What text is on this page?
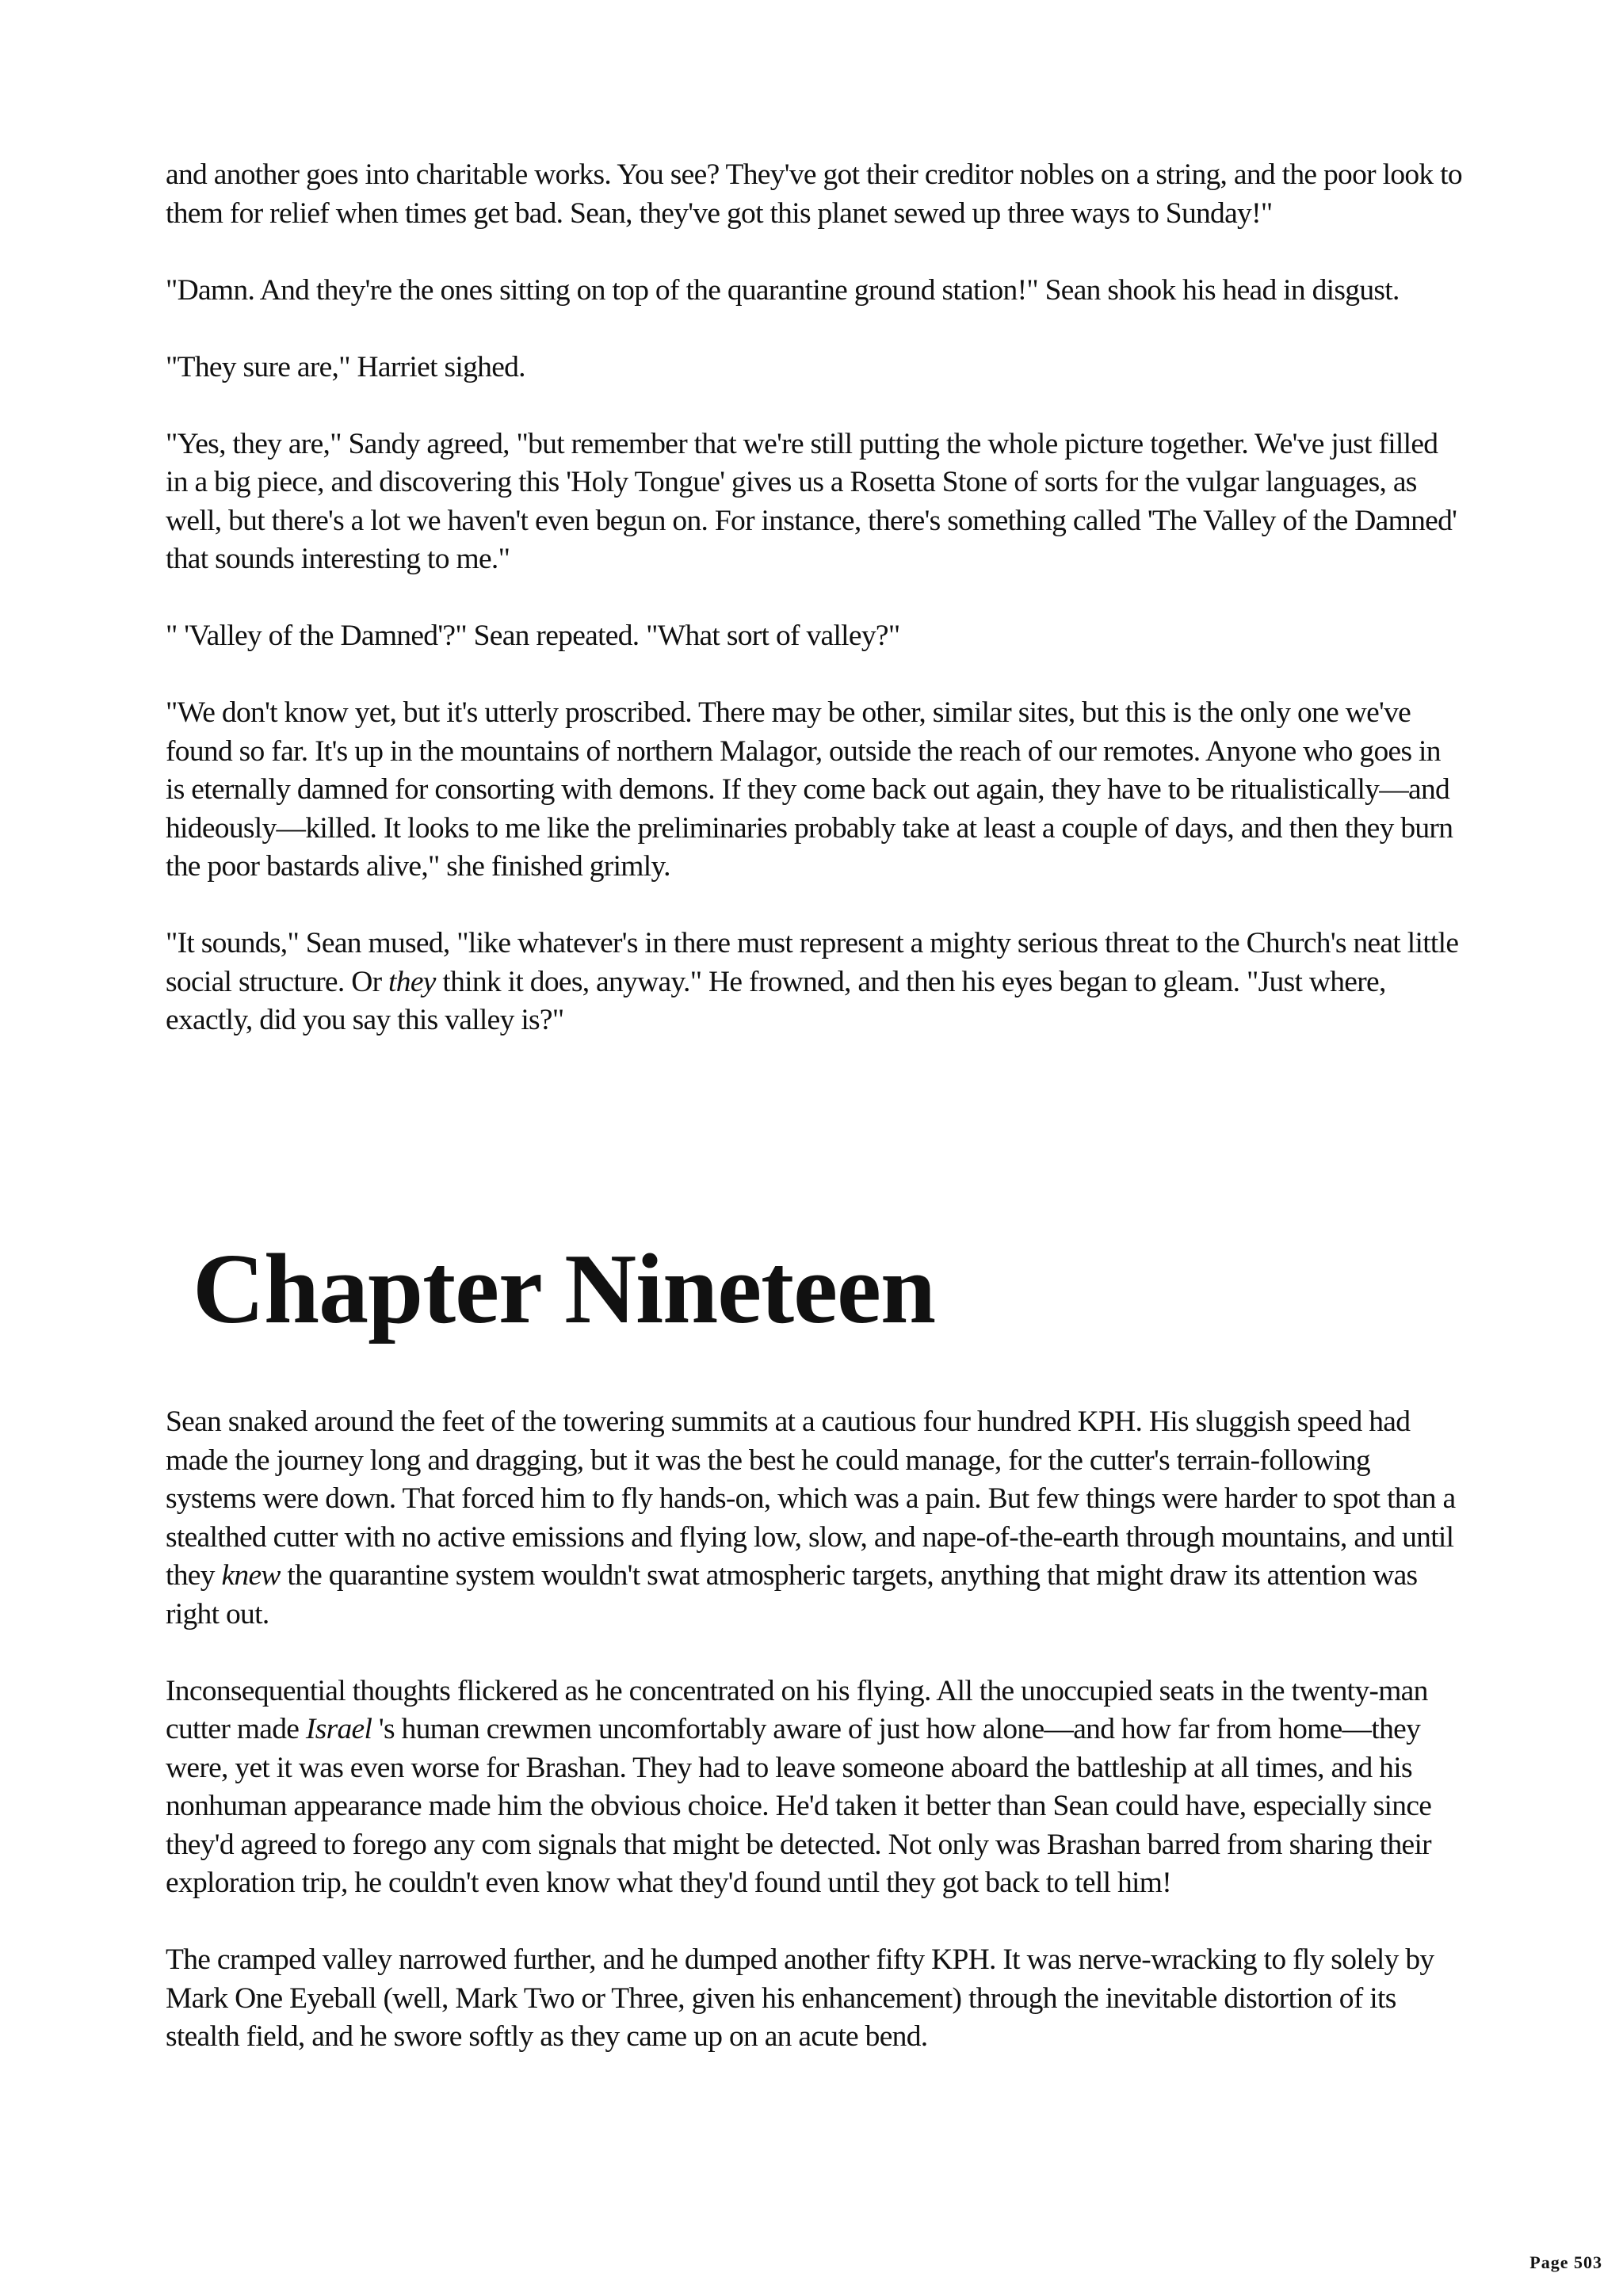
and another goes into charitable works. You see? They've got their creditor nobles on a string, and the poor look to them for relief when times get bad. Sean, they've got this planet sewed up three ways to Sunday!"

"Damn. And they're the ones sitting on top of the quarantine ground station!" Sean shook his head in disgust.

"They sure are," Harriet sighed.

"Yes, they are," Sandy agreed, "but remember that we're still putting the whole picture together. We've just filled in a big piece, and discovering this 'Holy Tongue' gives us a Rosetta Stone of sorts for the vulgar languages, as well, but there's a lot we haven't even begun on. For instance, there's something called 'The Valley of the Damned' that sounds interesting to me."

" 'Valley of the Damned'?" Sean repeated. "What sort of valley?"

"We don't know yet, but it's utterly proscribed. There may be other, similar sites, but this is the only one we've found so far. It's up in the mountains of northern Malagor, outside the reach of our remotes. Anyone who goes in is eternally damned for consorting with demons. If they come back out again, they have to be ritualistically—and hideously—killed. It looks to me like the preliminaries probably take at least a couple of days, and then they burn the poor bastards alive," she finished grimly.

"It sounds," Sean mused, "like whatever's in there must represent a mighty serious threat to the Church's neat little social structure. Or they think it does, anyway." He frowned, and then his eyes began to gleam. "Just where, exactly, did you say this valley is?"

Chapter Nineteen

Sean snaked around the feet of the towering summits at a cautious four hundred KPH. His sluggish speed had made the journey long and dragging, but it was the best he could manage, for the cutter's terrain-following systems were down. That forced him to fly hands-on, which was a pain. But few things were harder to spot than a stealthed cutter with no active emissions and flying low, slow, and nape-of-the-earth through mountains, and until they knew the quarantine system wouldn't swat atmospheric targets, anything that might draw its attention was right out.

Inconsequential thoughts flickered as he concentrated on his flying. All the unoccupied seats in the twenty-man cutter made Israel 's human crewmen uncomfortably aware of just how alone—and how far from home—they were, yet it was even worse for Brashan. They had to leave someone aboard the battleship at all times, and his nonhuman appearance made him the obvious choice. He'd taken it better than Sean could have, especially since they'd agreed to forego any com signals that might be detected. Not only was Brashan barred from sharing their exploration trip, he couldn't even know what they'd found until they got back to tell him!

The cramped valley narrowed further, and he dumped another fifty KPH. It was nerve-wracking to fly solely by Mark One Eyeball (well, Mark Two or Three, given his enhancement) through the inevitable distortion of its stealth field, and he swore softly as they came up on an acute bend.

Page 503
